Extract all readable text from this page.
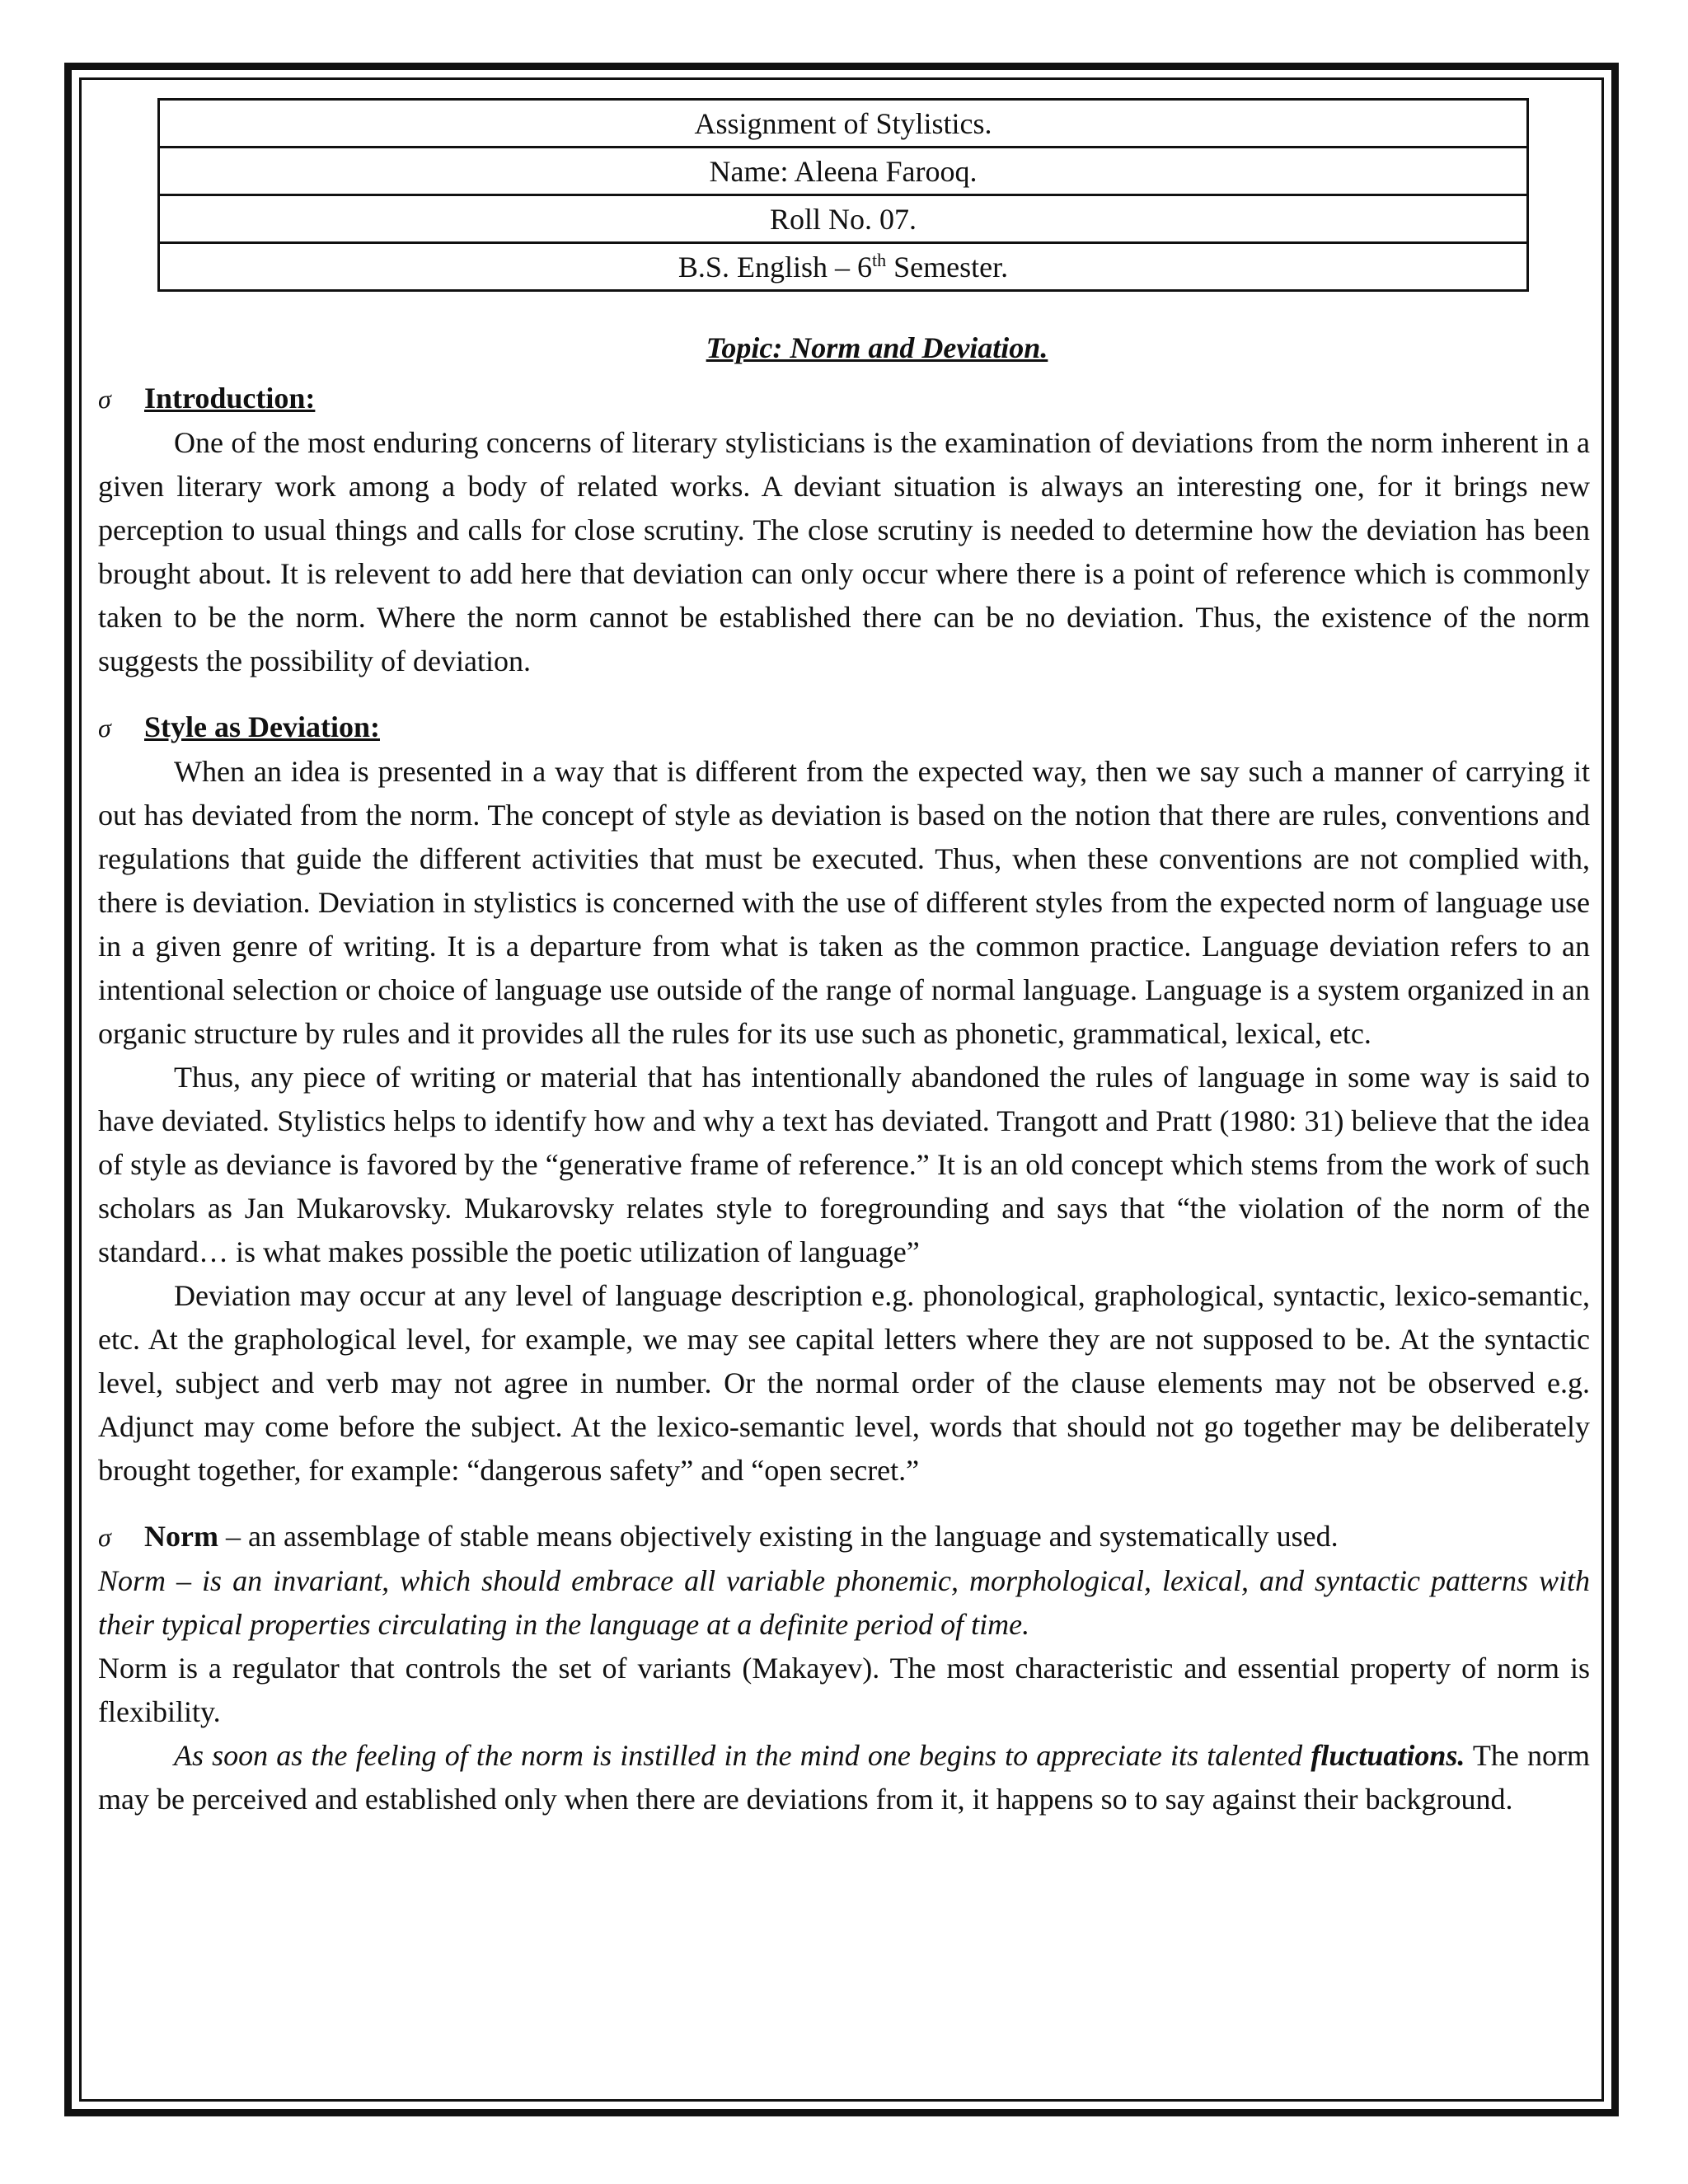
Assignment of Stylistics.
Name: Aleena Farooq.
Roll No. 07.
B.S. English – 6th Semester.

Topic: Norm and Deviation.

σ Introduction:

One of the most enduring concerns of literary stylisticians is the examination of deviations from the norm inherent in a given literary work among a body of related works. A deviant situation is always an interesting one, for it brings new perception to usual things and calls for close scrutiny. The close scrutiny is needed to determine how the deviation has been brought about. It is relevent to add here that deviation can only occur where there is a point of reference which is commonly taken to be the norm. Where the norm cannot be established there can be no deviation. Thus, the existence of the norm suggests the possibility of deviation.

σ Style as Deviation:

When an idea is presented in a way that is different from the expected way, then we say such a manner of carrying it out has deviated from the norm. The concept of style as deviation is based on the notion that there are rules, conventions and regulations that guide the different activities that must be executed. Thus, when these conventions are not complied with, there is deviation. Deviation in stylistics is concerned with the use of different styles from the expected norm of language use in a given genre of writing. It is a departure from what is taken as the common practice. Language deviation refers to an intentional selection or choice of language use outside of the range of normal language. Language is a system organized in an organic structure by rules and it provides all the rules for its use such as phonetic, grammatical, lexical, etc.

Thus, any piece of writing or material that has intentionally abandoned the rules of language in some way is said to have deviated. Stylistics helps to identify how and why a text has deviated. Trangott and Pratt (1980: 31) believe that the idea of style as deviance is favored by the “generative frame of reference.” It is an old concept which stems from the work of such scholars as Jan Mukarovsky. Mukarovsky relates style to foregrounding and says that “the violation of the norm of the standard… is what makes possible the poetic utilization of language”

Deviation may occur at any level of language description e.g. phonological, graphological, syntactic, lexico-semantic, etc. At the graphological level, for example, we may see capital letters where they are not supposed to be. At the syntactic level, subject and verb may not agree in number. Or the normal order of the clause elements may not be observed e.g. Adjunct may come before the subject. At the lexico-semantic level, words that should not go together may be deliberately brought together, for example: “dangerous safety” and “open secret.”

σ Norm – an assemblage of stable means objectively existing in the language and systematically used.

Norm – is an invariant, which should embrace all variable phonemic, morphological, lexical, and syntactic patterns with their typical properties circulating in the language at a definite period of time.

Norm is a regulator that controls the set of variants (Makayev). The most characteristic and essential property of norm is flexibility.

As soon as the feeling of the norm is instilled in the mind one begins to appreciate its talented fluctuations. The norm may be perceived and established only when there are deviations from it, it happens so to say against their background.
